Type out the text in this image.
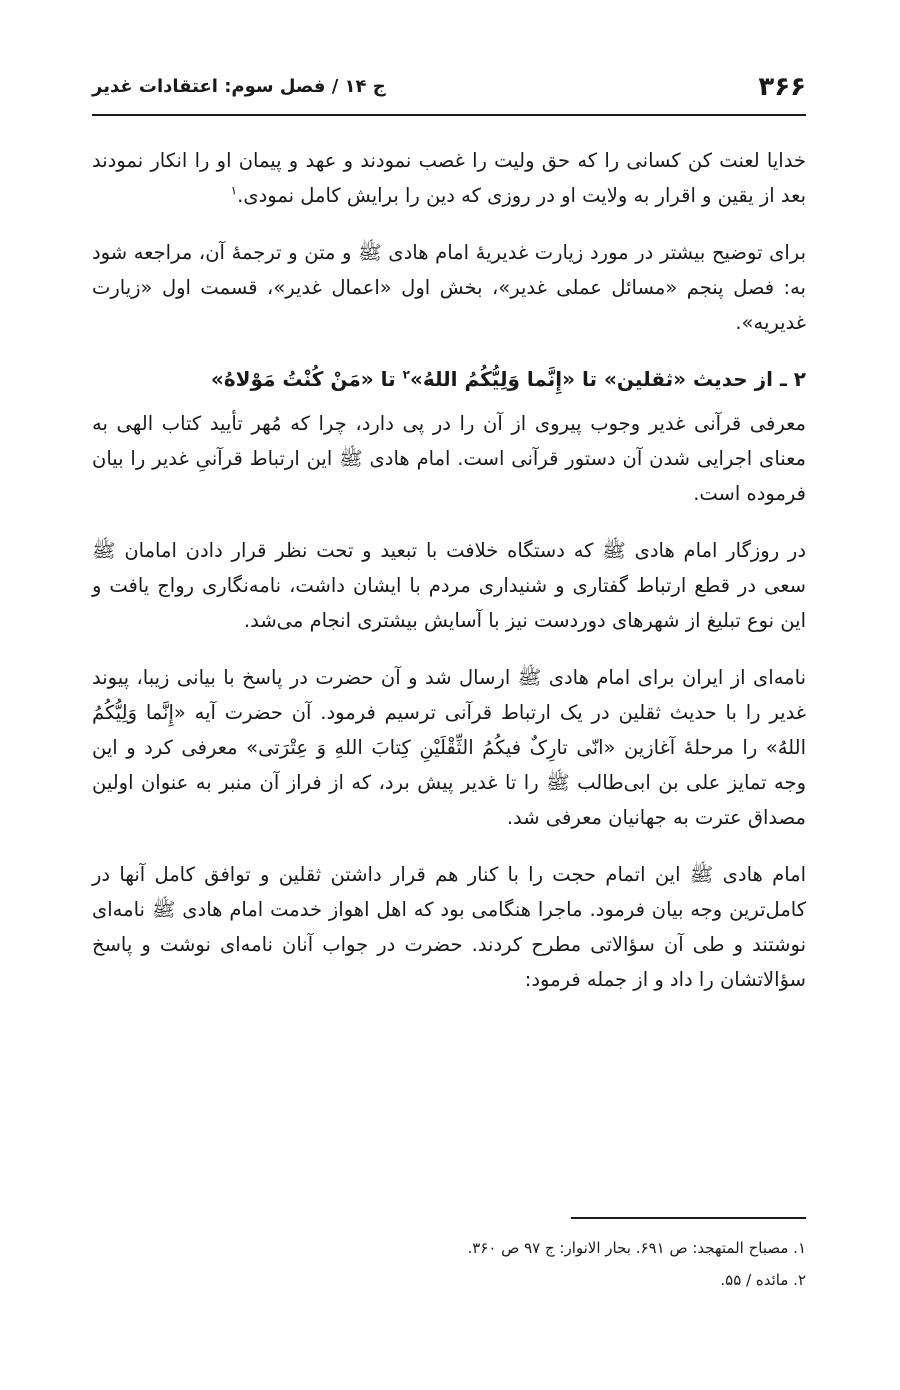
۳۶۶
ج ۱۴ / فصل سوم: اعتقادات غدیر

خدایا لعنت کن کسانی را که حق ولیت را غصب نمودند و عهد و پیمان او را انکار نمودند بعد از یقین و اقرار به ولایت او در روزی که دین را برایش کامل نمودی.$^۱$

برای توضیح بیشتر در مورد زیارت غدیریهٔ امام هادی ﷺ و متن و ترجمهٔ آن، مراجعه شود به: فصل پنجم «مسائل عملی غدیر»، بخش اول «اعمال غدیر»، قسمت اول «زیارت غدیریه».

۲ ـ از حدیث «ثقلین» تا «إِنَّما وَلِيُّكُمُ اللهُ»$^۲$ تا «مَنْ كُنْتُ مَوْلاهُ»

معرفی قرآنی غدیر وجوب پیروی از آن را در پی دارد، چرا که مُهر تأیید کتاب الهی به معنای اجرایی شدن آن دستور قرآنی است. امام هادی ﷺ این ارتباط قرآنیِ غدیر را بیان فرموده است.

در روزگار امام هادی ﷺ که دستگاه خلافت با تبعید و تحت نظر قرار دادن امامان ﷺ سعی در قطع ارتباط گفتاری و شنیداری مردم با ایشان داشت، نامه‌نگاری رواج یافت و این نوع تبلیغ از شهرهای دوردست نیز با آسایش بیشتری انجام می‌شد.

نامه‌ای از ایران برای امام هادی ﷺ ارسال شد و آن حضرت در پاسخ با بیانی زیبا، پیوند غدیر را با حدیث ثقلین در یک ارتباط قرآنی ترسیم فرمود. آن حضرت آیه «إِنَّما وَلِيُّكُمُ اللهُ» را مرحلهٔ آغازین «انّی تارِکٌ فیکُمُ الثِّقْلَیْنِ کِتابَ اللهِ وَ عِتْرَتی» معرفی کرد و این وجه تمایز علی بن ابی‌طالب ﷺ را تا غدیر پیش برد، که از فراز آن منبر به عنوان اولین مصداق عترت به جهانیان معرفی شد.

امام هادی ﷺ این اتمام حجت را با کنار هم قرار داشتن ثقلین و توافق کامل آنها در کامل‌ترین وجه بیان فرمود. ماجرا هنگامی بود که اهل اهواز خدمت امام هادی ﷺ نامه‌ای نوشتند و طی آن سؤالاتی مطرح کردند. حضرت در جواب آنان نامه‌ای نوشت و پاسخ سؤالاتشان را داد و از جمله فرمود:

۱. مصباح المتهجد: ص ۶۹۱. بحار الانوار: ج ۹۷ ص ۳۶۰.

۲. مائده / ۵۵.
